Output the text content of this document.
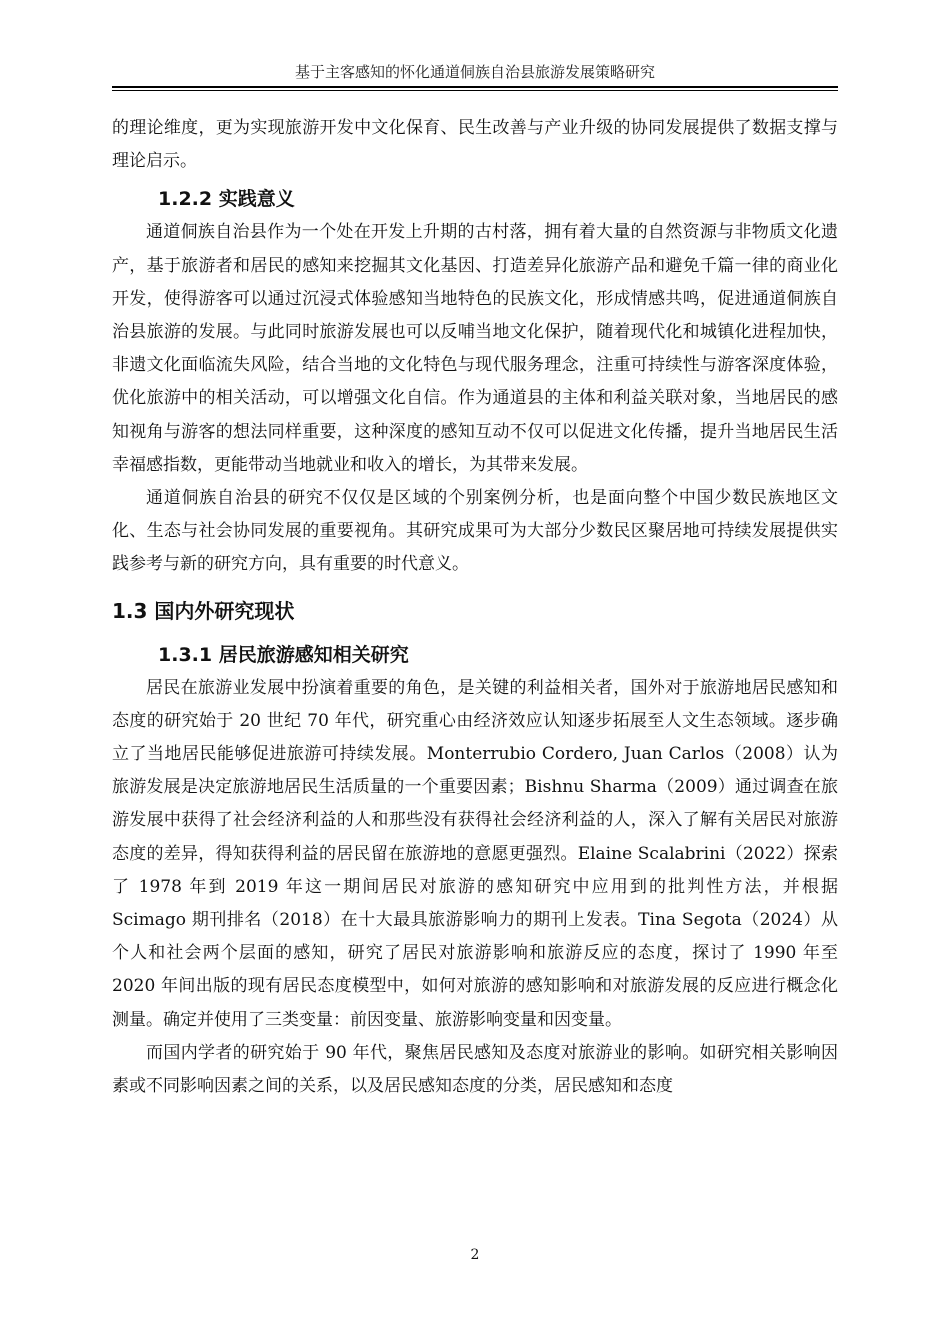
基于主客感知的怀化通道侗族自治县旅游发展策略研究

的理论维度，更为实现旅游开发中文化保育、民生改善与产业升级的协同发展提供了数据支撑与理论启示。

1.2.2 实践意义

通道侗族自治县作为一个处在开发上升期的古村落，拥有着大量的自然资源与非物质文化遗产，基于旅游者和居民的感知来挖掘其文化基因、打造差异化旅游产品和避免千篇一律的商业化开发，使得游客可以通过沉浸式体验感知当地特色的民族文化，形成情感共鸣，促进通道侗族自治县旅游的发展。与此同时旅游发展也可以反哺当地文化保护，随着现代化和城镇化进程加快，非遗文化面临流失风险，结合当地的文化特色与现代服务理念，注重可持续性与游客深度体验，优化旅游中的相关活动，可以增强文化自信。作为通道县的主体和利益关联对象，当地居民的感知视角与游客的想法同样重要，这种深度的感知互动不仅可以促进文化传播，提升当地居民生活幸福感指数，更能带动当地就业和收入的增长，为其带来发展。

通道侗族自治县的研究不仅仅是区域的个别案例分析，也是面向整个中国少数民族地区文化、生态与社会协同发展的重要视角。其研究成果可为大部分少数民区聚居地可持续发展提供实践参考与新的研究方向，具有重要的时代意义。

1.3 国内外研究现状
1.3.1 居民旅游感知相关研究

居民在旅游业发展中扮演着重要的角色，是关键的利益相关者，国外对于旅游地居民感知和态度的研究始于 20 世纪 70 年代，研究重心由经济效应认知逐步拓展至人文生态领域。逐步确立了当地居民能够促进旅游可持续发展。Monterrubio Cordero, Juan Carlos（2008）认为旅游发展是决定旅游地居民生活质量的一个重要因素；Bishnu Sharma（2009）通过调查在旅游发展中获得了社会经济利益的人和那些没有获得社会经济利益的人，深入了解有关居民对旅游态度的差异，得知获得利益的居民留在旅游地的意愿更强烈。Elaine Scalabrini（2022）探索了 1978 年到 2019 年这一期间居民对旅游的感知研究中应用到的批判性方法，并根据 Scimago 期刊排名（2018）在十大最具旅游影响力的期刊上发表。Tina Segota（2024）从个人和社会两个层面的感知，研究了居民对旅游影响和旅游反应的态度，探讨了 1990 年至 2020 年间出版的现有居民态度模型中，如何对旅游的感知影响和对旅游发展的反应进行概念化测量。确定并使用了三类变量：前因变量、旅游影响变量和因变量。

而国内学者的研究始于 90 年代，聚焦居民感知及态度对旅游业的影响。如研究相关影响因素或不同影响因素之间的关系，以及居民感知态度的分类，居民感知和态度

2
